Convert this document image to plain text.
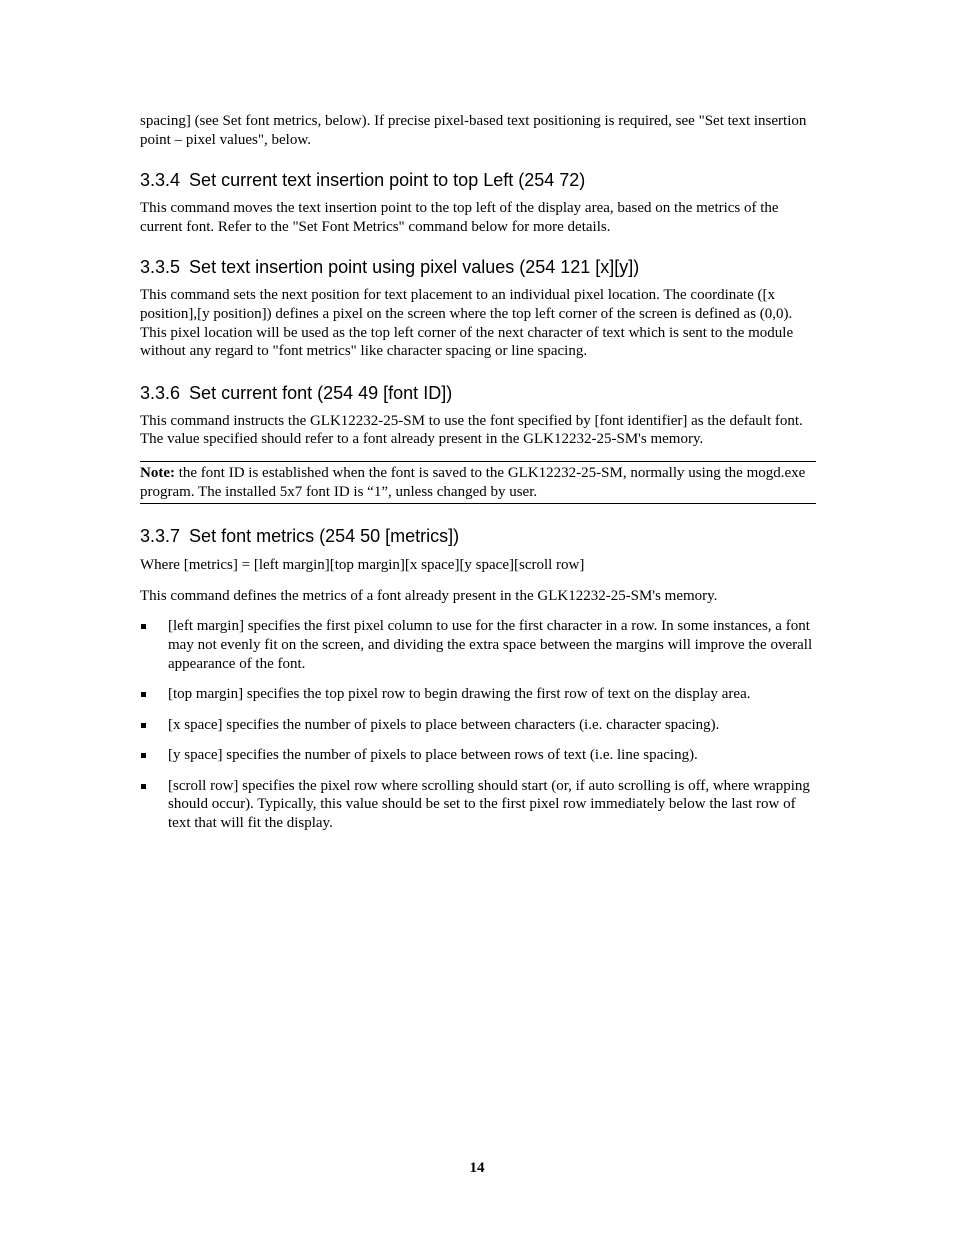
spacing] (see Set font metrics, below). If precise pixel-based text positioning is required, see "Set text insertion point – pixel values", below.

3.3.4 Set current text insertion point to top Left (254 72)

This command moves the text insertion point to the top left of the display area, based on the metrics of the current font. Refer to the "Set Font Metrics" command below for more details.

3.3.5 Set text insertion point using pixel values (254 121 [x][y])

This command sets the next position for text placement to an individual pixel location. The coordinate ([x position],[y position]) defines a pixel on the screen where the top left corner of the screen is defined as (0,0). This pixel location will be used as the top left corner of the next character of text which is sent to the module without any regard to "font metrics" like character spacing or line spacing.

3.3.6 Set current font (254 49 [font ID])

This command instructs the GLK12232-25-SM to use the font specified by [font identifier] as the default font. The value specified should refer to a font already present in the GLK12232-25-SM's memory.

Note: the font ID is established when the font is saved to the GLK12232-25-SM, normally using the mogd.exe program. The installed 5x7 font ID is “1”, unless changed by user.

3.3.7 Set font metrics (254 50 [metrics])

Where [metrics] = [left margin][top margin][x space][y space][scroll row]

This command defines the metrics of a font already present in the GLK12232-25-SM's memory.

[left margin] specifies the first pixel column to use for the first character in a row. In some instances, a font may not evenly fit on the screen, and dividing the extra space between the margins will improve the overall appearance of the font.
[top margin] specifies the top pixel row to begin drawing the first row of text on the display area.
[x space] specifies the number of pixels to place between characters (i.e. character spacing).
[y space] specifies the number of pixels to place between rows of text (i.e. line spacing).
[scroll row] specifies the pixel row where scrolling should start (or, if auto scrolling is off, where wrapping should occur). Typically, this value should be set to the first pixel row immediately below the last row of text that will fit the display.
14
